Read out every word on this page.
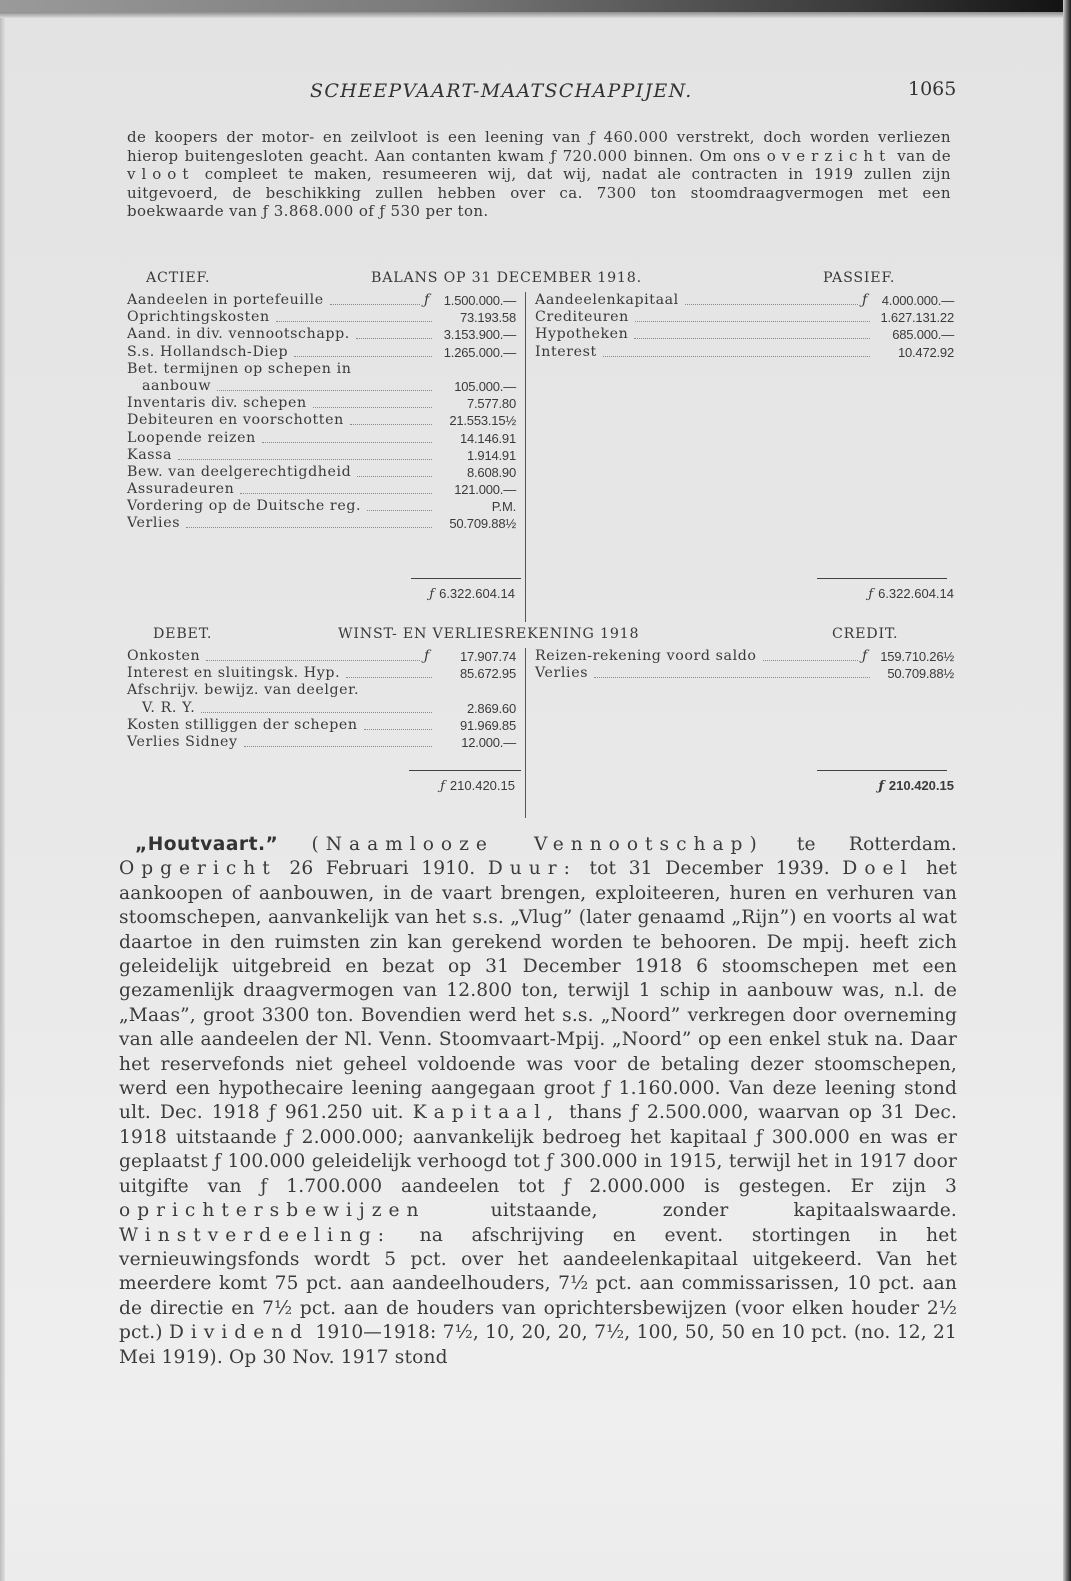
SCHEEPVAART-MAATSCHAPPIJEN.	1065

de koopers der motor- en zeilvloot is een leening van ƒ 460.000 verstrekt, doch worden verliezen hierop buitengesloten geacht. Aan contanten kwam ƒ 720.000 binnen. Om ons overzicht van de vloot compleet te maken, resumeeren wij, dat wij, nadat ale contracten in 1919 zullen zijn uitgevoerd, de beschikking zullen hebben over ca. 7300 ton stoomdraagvermogen met een boekwaarde van ƒ 3.868.000 of ƒ 530 per ton.

ACTIEF.	BALANS OP 31 DECEMBER 1918.	PASSIEF.
Aandeelen in portefeuille	ƒ 1.500.000.—
Oprichtingskosten	73.193.58
Aand. in div. vennootschapp.	3.153.900.—
S.s. Hollandsch-Diep	1.265.000.—
Bet. termijnen op schepen in
aanbouw	105.000.—
Inventaris div. schepen	7.577.80
Debiteuren en voorschotten	21.553.15½
Loopende reizen	14.146.91
Kassa	1.914.91
Bew. van deelgerechtigdheid	8.608.90
Assuradeuren	121.000.—
Vordering op de Duitsche reg.	P.M.
Verlies	50.709.88½
Aandeelenkapitaal	ƒ 4.000.000.—
Crediteuren	1.627.131.22
Hypotheken	685.000.—
Interest	10.472.92
ƒ 6.322.604.14	ƒ 6.322.604.14
DEBET.	WINST- EN VERLIESREKENING 1918	CREDIT.
Onkosten	ƒ 17.907.74
Interest en sluitingsk. Hyp.	85.672.95
Afschrijv. bewijz. van deelger.
V. R. Y.	2.869.60
Kosten stilliggen der schepen	91.969.85
Verlies Sidney	12.000.—
Reizen-rekening voord saldo	ƒ 159.710.26½
Verlies	50.709.88½
ƒ 210.420.15	ƒ 210.420.15

„Houtvaart.” (Naamlooze Vennootschap) te Rotterdam. Opgericht 26 Februari 1910. Duur: tot 31 December 1939. Doel het aankoopen of aanbouwen, in de vaart brengen, exploiteeren, huren en verhuren van stoomschepen, aanvankelijk van het s.s. „Vlug” (later genaamd „Rijn”) en voorts al wat daartoe in den ruimsten zin kan gerekend worden te behooren. De mpij. heeft zich geleidelijk uitgebreid en bezat op 31 December 1918 6 stoomschepen met een gezamenlijk draagvermogen van 12.800 ton, terwijl 1 schip in aanbouw was, n.l. de „Maas”, groot 3300 ton. Bovendien werd het s.s. „Noord” verkregen door overneming van alle aandeelen der Nl. Venn. Stoomvaart-Mpij. „Noord” op een enkel stuk na. Daar het reservefonds niet geheel voldoende was voor de betaling dezer stoomschepen, werd een hypothecaire leening aangegaan groot ƒ 1.160.000. Van deze leening stond ult. Dec. 1918 ƒ 961.250 uit. Kapitaal, thans ƒ 2.500.000, waarvan op 31 Dec. 1918 uitstaande ƒ 2.000.000; aanvankelijk bedroeg het kapitaal ƒ 300.000 en was er geplaatst ƒ 100.000 geleidelijk verhoogd tot ƒ 300.000 in 1915, terwijl het in 1917 door uitgifte van ƒ 1.700.000 aandeelen tot ƒ 2.000.000 is gestegen. Er zijn 3 oprichtersbewijzen uitstaande, zonder kapitaalswaarde. Winstverdeeling: na afschrijving en event. stortingen in het vernieuwingsfonds wordt 5 pct. over het aandeelenkapitaal uitgekeerd. Van het meerdere komt 75 pct. aan aandeelhouders, 7½ pct. aan commissarissen, 10 pct. aan de directie en 7½ pct. aan de houders van oprichtersbewijzen (voor elken houder 2½ pct.) Dividend 1910—1918: 7½, 10, 20, 20, 7½, 100, 50, 50 en 10 pct. (no. 12, 21 Mei 1919). Op 30 Nov. 1917 stond
